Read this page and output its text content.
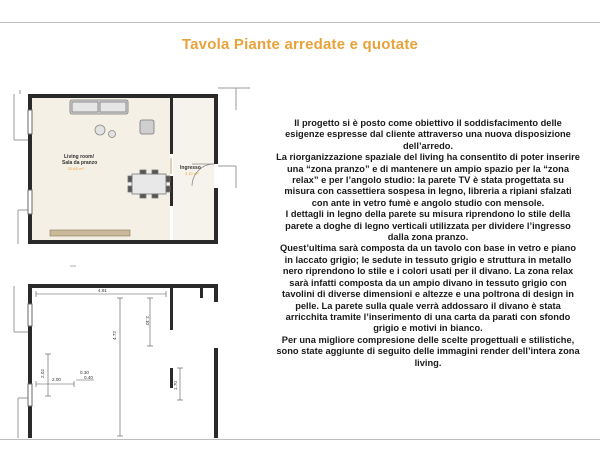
Tavola Piante arredate e quotate
Living room/
Sala da pranzo
25,60 m²	Ingresso
3,10 m²
4.91
2.10
4.72
2.02
2.00
0.30
0.40
1.70

Il progetto si è posto come obiettivo il soddisfacimento delle esigenze espresse dal cliente attraverso una nuova disposizione dell’arredo.

La riorganizzazione spaziale del living ha consentito di poter inserire una “zona pranzo” e di mantenere un ampio spazio per la “zona relax” e per l’angolo studio: la parete TV è stata progettata su misura con cassettiera sospesa in legno, libreria a ripiani sfalzati con ante in vetro fumè e angolo studio con mensole.

I dettagli in legno della parete su misura riprendono lo stile della parete a doghe di legno verticali utilizzata per dividere l’ingresso dalla zona pranzo.

Quest’ultima sarà composta da un tavolo con base in vetro e piano in laccato grigio; le sedute in tessuto grigio e struttura in metallo nero riprendono lo stile e i colori usati per il divano. La zona relax sarà infatti composta da un ampio divano in tessuto grigio con tavolini di diverse dimensioni e altezze e una poltrona di design in pelle. La parete sulla quale verrà addossaro il divano è stata arricchita tramite l’inserimento di una carta da parati con sfondo grigio e motivi in bianco.

Per una migliore compresione delle scelte progettuali e stilistiche, sono state aggiunte di seguito delle immagini render dell’intera zona living.
